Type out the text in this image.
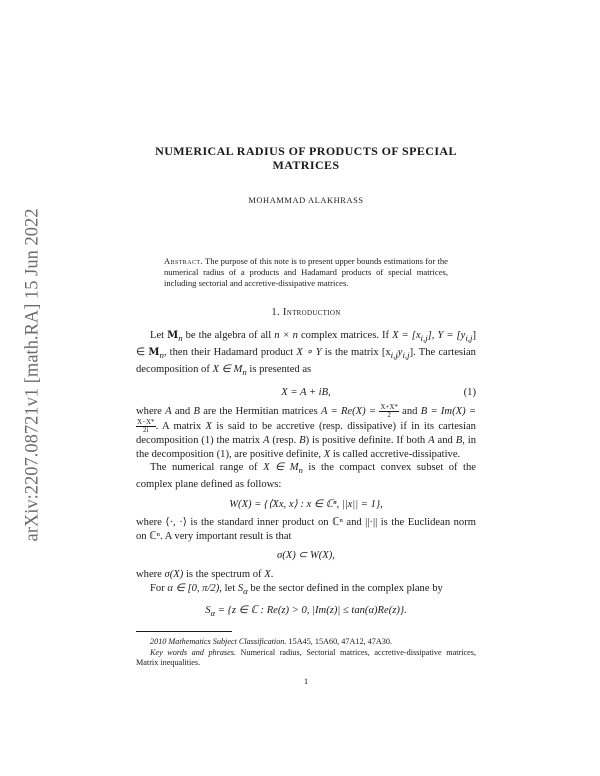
arXiv:2207.08721v1 [math.RA] 15 Jun 2022
NUMERICAL RADIUS OF PRODUCTS OF SPECIAL
MATRICES
MOHAMMAD ALAKHRASS
Abstract. The purpose of this note is to present upper bounds estimations for the numerical radius of a products and Hadamard products of special matrices, including sectorial and accretive-dissipative matrices.
1. Introduction

Let $M_n$ be the algebra of all n × n complex matrices. If $X = [x_{i,j}]$, $Y = [y_{i,j}]$ ∈ $M_n$, then their Hadamard product X ∘ Y is the matrix $[x_{i,j}y_{i,j}]$. The cartesian decomposition of X ∈ $M_n$ is presented as

X = A + iB,	(1)

where A and B are the Hermitian matrices $A = Re(X) = \frac{X+X*}{2}$ and B = Im(X) =
$\frac{X-X*}{2i}$ . A matrix X is said to be accretive (resp. dissipative) if in its cartesian decomposition (1) the matrix A (resp. B) is positive definite. If both A and B, in the decomposition (1), are positive definite, X is called accretive-dissipative.

The numerical range of X ∈ $M_n$ is the compact convex subset of the complex plane defined as follows:

W(X) = {⟨Xx, x⟩ : x ∈ ℂⁿ, ||x|| = 1},

where ⟨·, ·⟩ is the standard inner product on ℂⁿ and ||·|| is the Euclidean norm on ℂⁿ. A very important result is that

σ(X) ⊂ W(X),

where σ(X) is the spectrum of X.

For α ∈ [0, π/2), let $S_\alpha$ be the sector defined in the complex plane by

$S_\alpha = \{z$ ∈ ℂ : Re(z) > 0, |Im(z)| ≤ tan(α)Re(z)}.

2010 Mathematics Subject Classification. 15A45, 15A60, 47A12, 47A30.

Key words and phrases. Numerical radius, Sectorial matrices, accretive-dissipative matrices, Matrix inequalities.

1
